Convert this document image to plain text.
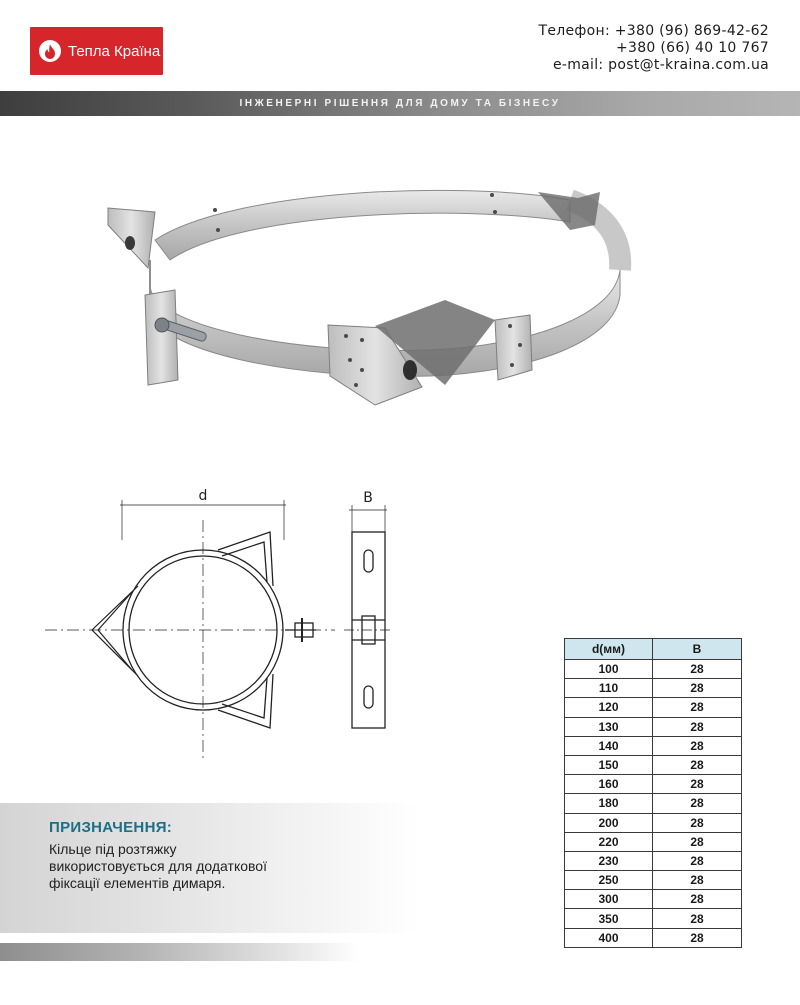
Тепла Країна
Телефон: +380 (96) 869-42-62
+380 (66) 40 10 767
e-mail: post@t-kraina.com.ua
ІНЖЕНЕРНІ РІШЕННЯ ДЛЯ ДОМУ ТА БІЗНЕСУ
d	B
ПРИЗНАЧЕННЯ:
Кільце під розтяжку
використовується для додаткової
фіксації елементів димаря.
d(мм)	B
100	28
110	28
120	28
130	28
140	28
150	28
160	28
180	28
200	28
220	28
230	28
250	28
300	28
350	28
400	28
